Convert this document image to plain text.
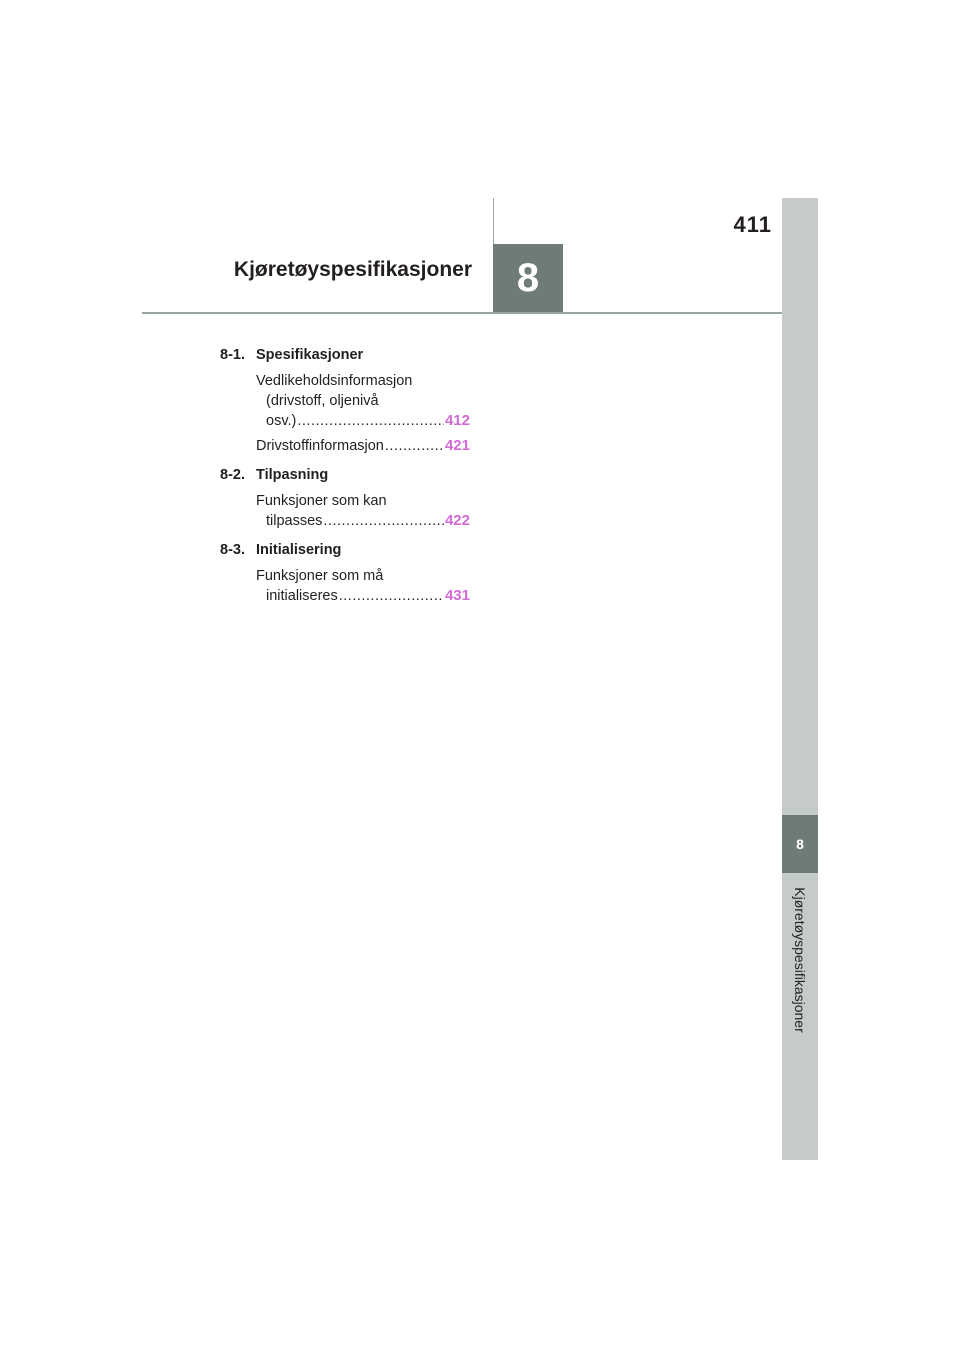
411
8
Kjøretøyspesifikasjoner
8
Kjøretøyspesifikasjoner
8-1. Spesifikasjoner
Vedlikeholdsinformasjon
(drivstoff, oljenivå
osv.) .....	412
Drivstoffinformasjon .....	421
8-2. Tilpasning
Funksjoner som kan
tilpasses .....	422
8-3. Initialisering
Funksjoner som må
initialiseres .....	431
